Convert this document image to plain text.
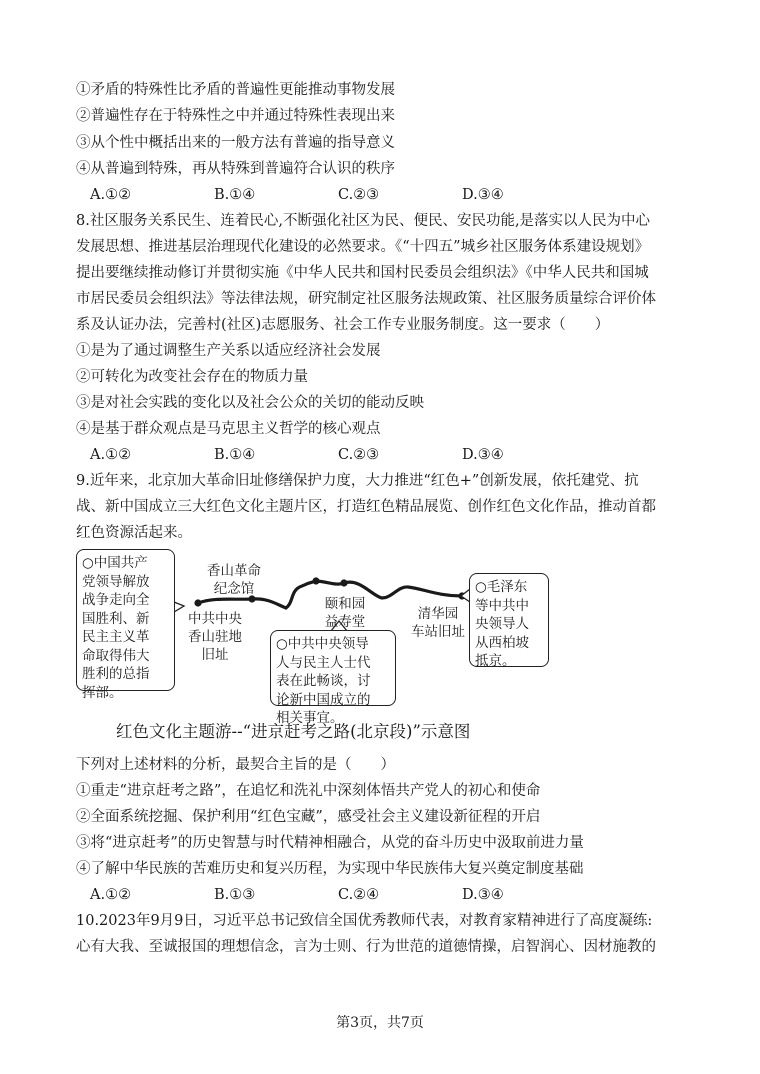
①矛盾的特殊性比矛盾的普遍性更能推动事物发展
②普遍性存在于特殊性之中并通过特殊性表现出来
③从个性中概括出来的一般方法有普遍的指导意义
④从普遍到特殊，再从特殊到普遍符合认识的秩序
A.①②	B.①④	C.②③	D.③④
8.社区服务关系民生、连着民心,不断强化社区为民、便民、安民功能,是落实以人民为中心
发展思想、推进基层治理现代化建设的必然要求。《“十四五”城乡社区服务体系建设规划》
提出要继续推动修订并贯彻实施《中华人民共和国村民委员会组织法》《中华人民共和国城
市居民委员会组织法》等法律法规，研究制定社区服务法规政策、社区服务质量综合评价体
系及认证办法，完善村(社区)志愿服务、社会工作专业服务制度。这一要求（　　）
①是为了通过调整生产关系以适应经济社会发展
②可转化为改变社会存在的物质力量
③是对社会实践的变化以及社会公众的关切的能动反映
④是基于群众观点是马克思主义哲学的核心观点
A.①②	B.①④	C.②③	D.③④
9.近年来，北京加大革命旧址修缮保护力度，大力推进“红色+”创新发展，依托建党、抗
战、新中国成立三大红色文化主题片区，打造红色精品展览、创作红色文化作品，推动首都
红色资源活起来。
○中国共产
党领导解放
战争走向全
国胜利、新
民主主义革
命取得伟大
胜利的总指
挥部。
○中共中央领导
人与民主人士代
表在此畅谈，讨
论新中国成立的
相关事宜。
○毛泽东
等中共中
央领导人
从西柏坡
抵京。
香山革命
纪念馆
中共中央
香山驻地
旧址
颐和园
益寿堂	清华园
车站旧址
红色文化主题游--“进京赶考之路(北京段)”示意图
下列对上述材料的分析，最契合主旨的是（　　）
①重走“进京赶考之路”，在追忆和洗礼中深刻体悟共产党人的初心和使命
②全面系统挖掘、保护利用“红色宝藏”，感受社会主义建设新征程的开启
③将“进京赶考”的历史智慧与时代精神相融合，从党的奋斗历史中汲取前进力量
④了解中华民族的苦难历史和复兴历程，为实现中华民族伟大复兴奠定制度基础
A.①②	B.①③	C.②④	D.③④
10.2023年9月9日，习近平总书记致信全国优秀教师代表，对教育家精神进行了高度凝练:
心有大我、至诚报国的理想信念，言为士则、行为世范的道德情操，启智润心、因材施教的
第3页，共7页
